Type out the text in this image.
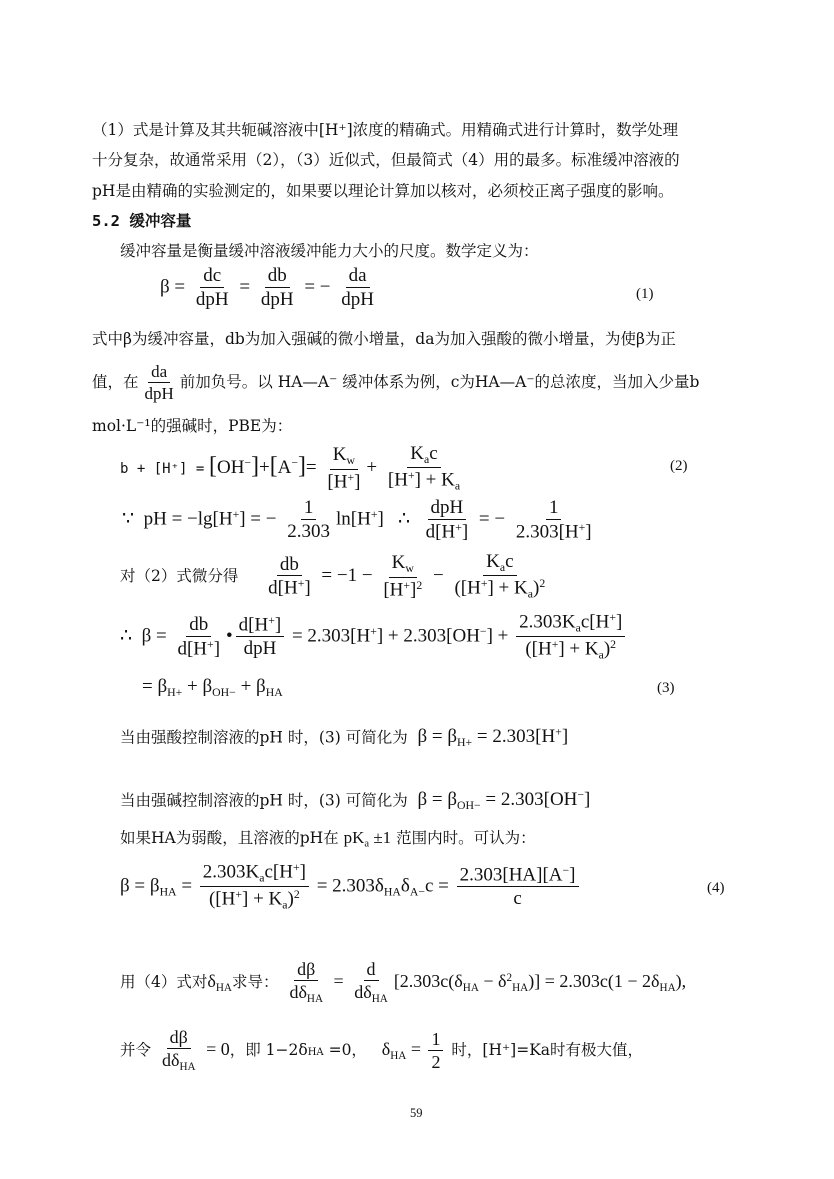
（1）式是计算及其共轭碱溶液中[H⁺]浓度的精确式。用精确式进行计算时，数学处理
十分复杂，故通常采用（2），（3）近似式，但最简式（4）用的最多。标准缓冲溶液的
pH是由精确的实验测定的，如果要以理论计算加以核对，必须校正离子强度的影响。
5.2 缓冲容量
缓冲容量是衡量缓冲溶液缓冲能力大小的尺度。数学定义为：
$\beta = \frac{dc}{\text{dpH}} = \frac{db}{\text{dpH}}$ = − $\frac{da}{\text{dpH}}$	(1)
式中β为缓冲容量，db为加入强碱的微小增量，da为加入强酸的微小增量，为使β为正
值，在 $\frac{da}{\text{dpH}}$ 前加负号。以 HA—A⁻ 缓冲体系为例，c为HA—A⁻的总浓度，当加入少量b
mol·L⁻¹的强碱时，PBE为：
$b + [H^+] = [OH^-]+[A^-]= \frac{K_w}{[H^+]} + \frac{K_ac}{[H^+] + K_a}$	(2)
∵  pH = −lg[H+] = − $\frac{1}{2.303} \ln[H^+]$   ∴ $\frac{\text{dpH}}{d[H^+]}$ = − $\frac{1}{2.303[H^+]}$
对（2）式微分得 $\frac{db}{d[H^+]} = -1 - \frac{K_w}{[H^+]^2} - \frac{K_ac}{([H^+] + K_a)^2}$
∴  $\beta = \frac{db}{d[H^+]}$ • $\frac{d[H^+]}{\text{dpH}} = 2.303[H^+] + 2.303[OH^-] + \frac{2.303K_ac[H^+]}{([H^+] + K_a)^2}$
= $\beta_{H+} + \beta_{OH-} + \beta_{HA}$	(3)
当由强酸控制溶液的pH 时，(3) 可简化为  $\beta = \beta_{H+} = 2.303[H^+]$
当由强碱控制溶液的pH 时，(3) 可简化为  $\beta = \beta_{OH-} = 2.303[OH^-]$
如果HA为弱酸，且溶液的pH在 $pK_a \pm 1$ 范围内时。可认为：
$\beta = \beta_{HA} = \frac{2.303K_ac[H^+]}{([H^+] + K_a)^2} = 2.303\delta_{HA}\delta_{A-}c = \frac{2.303[HA][A^-]}{c}$	(4)
用（4）式对$\delta_{HA}$求导： $\frac{d\beta}{d\delta_{HA}} = \frac{d}{d\delta_{HA}} [2.303c(\delta_{HA} - \delta^2_{HA})] = 2.303c(1 - 2\delta_{HA})$,
并令 $\frac{d\beta}{d\delta_{HA}} = 0$，即 1−2δHA =0， $\delta_{HA} = \frac{1}{2}$ 时，[H⁺]=Ka时有极大值，
59
